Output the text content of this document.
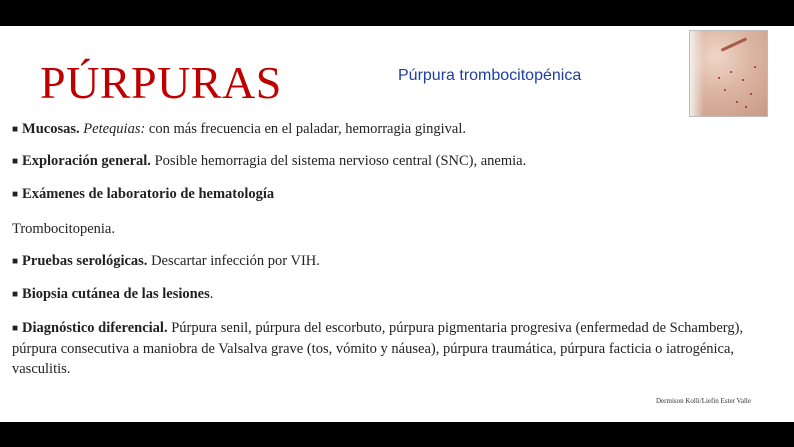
PÚRPURAS	Púrpura trombocitopénica
■ Mucosas. Petequias: con más frecuencia en el paladar, hemorragia gingival.
■ Exploración general. Posible hemorragia del sistema nervioso central (SNC), anemia.
■ Exámenes de laboratorio de hematología
Trombocitopenia.
■ Pruebas serológicas. Descartar infección por VIH.
■ Biopsia cutánea de las lesiones.
■ Diagnóstico diferencial. Púrpura senil, púrpura del escorbuto, púrpura pigmentaria progresiva (enfermedad de Schamberg), púrpura consecutiva a maniobra de Valsalva grave (tos, vómito y náusea), púrpura traumática, púrpura facticia o iatrogénica, vasculitis.
Dermison Kolli/Liefin Ester Valle
